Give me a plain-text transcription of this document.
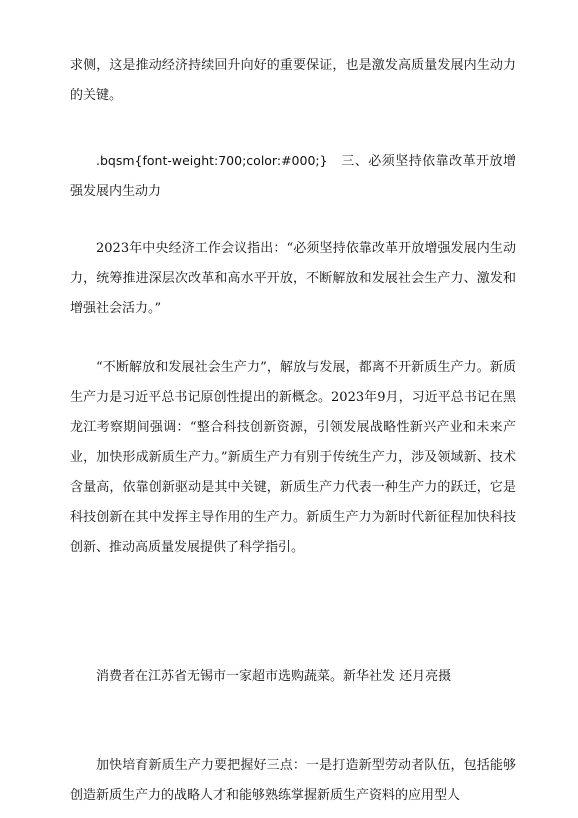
求侧，这是推动经济持续回升向好的重要保证，也是激发高质量发展内生动力的关键。

.bqsm{font-weight:700;color:#000;} 三、必须坚持依靠改革开放增强发展内生动力

2023年中央经济工作会议指出：“必须坚持依靠改革开放增强发展内生动力，统筹推进深层次改革和高水平开放，不断解放和发展社会生产力、激发和增强社会活力。”

“不断解放和发展社会生产力”，解放与发展，都离不开新质生产力。新质生产力是习近平总书记原创性提出的新概念。2023年9月，习近平总书记在黑龙江考察期间强调：“整合科技创新资源，引领发展战略性新兴产业和未来产业，加快形成新质生产力。”新质生产力有别于传统生产力，涉及领域新、技术含量高，依靠创新驱动是其中关键，新质生产力代表一种生产力的跃迁，它是科技创新在其中发挥主导作用的生产力。新质生产力为新时代新征程加快科技创新、推动高质量发展提供了科学指引。

消费者在江苏省无锡市一家超市选购蔬菜。新华社发 还月亮摄

加快培育新质生产力要把握好三点：一是打造新型劳动者队伍，包括能够创造新质生产力的战略人才和能够熟练掌握新质生产资料的应用型人
